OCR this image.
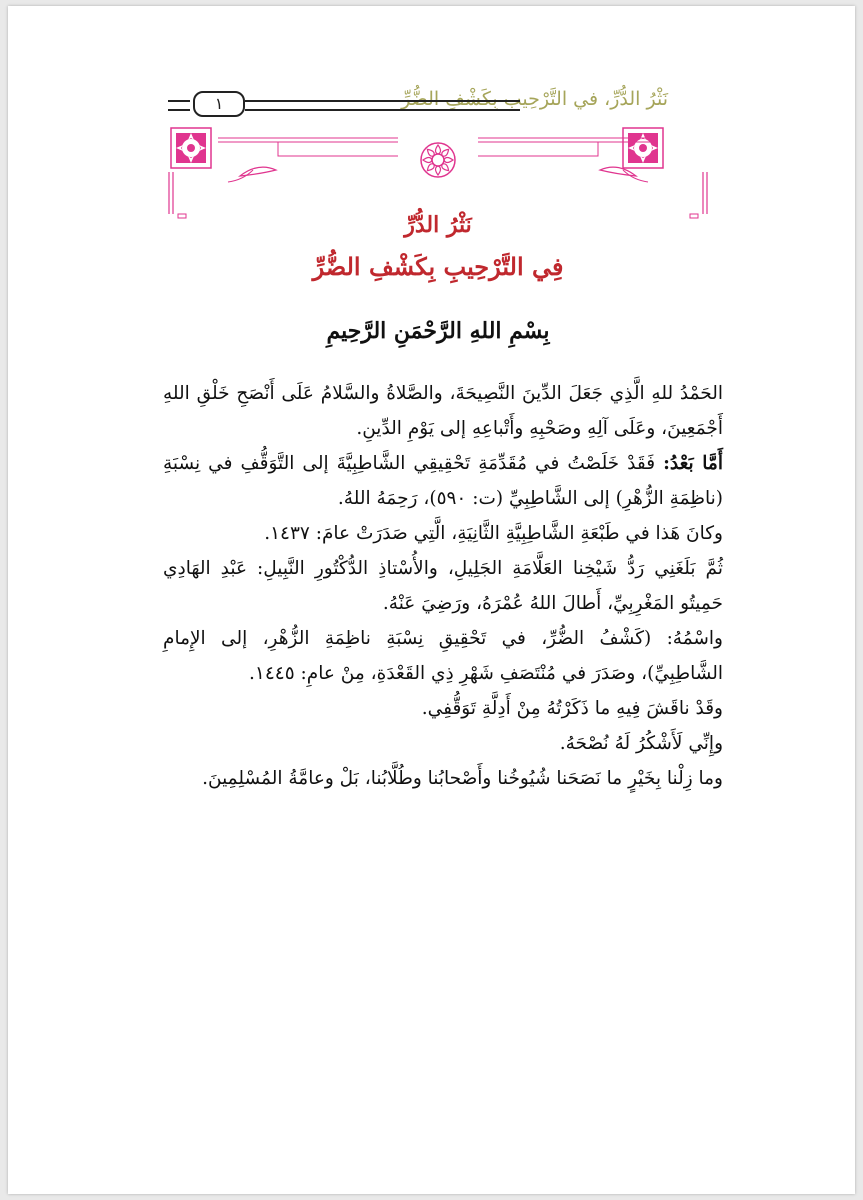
نَثْرُ الدُّرِّ، في التَّرْحِيبِ بِكَشْفِ الضُّرِّ
١
نَثْرُ الدُّرِّ
فِي التَّرْحِيبِ بِكَشْفِ الضُّرِّ
بِسْمِ اللهِ الرَّحْمَنِ الرَّحِيمِ

الحَمْدُ للهِ الَّذِي جَعَلَ الدِّينَ النَّصِيحَةَ، والصَّلاةُ والسَّلامُ عَلَى أَنْصَحِ خَلْقِ اللهِ أَجْمَعِينَ، وعَلَى آلِهِ وصَحْبِهِ وأَتْباعِهِ إلى يَوْمِ الدِّينِ.

أَمَّا بَعْدُ: فَقَدْ خَلَصْتُ في مُقَدِّمَةِ تَحْقِيقِي الشَّاطِبِيَّةَ إلى التَّوَقُّفِ في نِسْبَةِ (ناظِمَةِ الزُّهْرِ) إلى الشَّاطِبِيِّ (ت: ٥٩٠)، رَحِمَهُ اللهُ.

وكانَ هَذا في طَبْعَةِ الشَّاطِبِيَّةِ الثَّانِيَةِ، الَّتِي صَدَرَتْ عامَ: ١٤٣٧.

ثُمَّ بَلَغَنِي رَدُّ شَيْخِنا العَلَّامَةِ الجَلِيلِ، والأُسْتاذِ الدُّكْتُورِ النَّبِيلِ: عَبْدِ الهَادِي حَمِيتُو المَغْرِبِيِّ، أَطالَ اللهُ عُمْرَهُ، ورَضِيَ عَنْهُ.

واسْمُهُ: (كَشْفُ الضُّرِّ، في تَحْقِيقِ نِسْبَةِ ناظِمَةِ الزُّهْرِ، إلى الإِمامِ الشَّاطِبِيِّ)، وصَدَرَ في مُنْتَصَفِ شَهْرِ ذِي القَعْدَةِ، مِنْ عامِ: ١٤٤٥.

وقَدْ ناقَشَ فِيهِ ما ذَكَرْتُهُ مِنْ أَدِلَّةِ تَوَقُّفِي.

وإِنِّي لَأَشْكُرُ لَهُ نُصْحَهُ.

وما زِلْنا بِخَيْرٍ ما نَصَحَنا شُيُوخُنا وأَصْحابُنا وطُلَّابُنا، بَلْ وعامَّةُ المُسْلِمِينَ.
